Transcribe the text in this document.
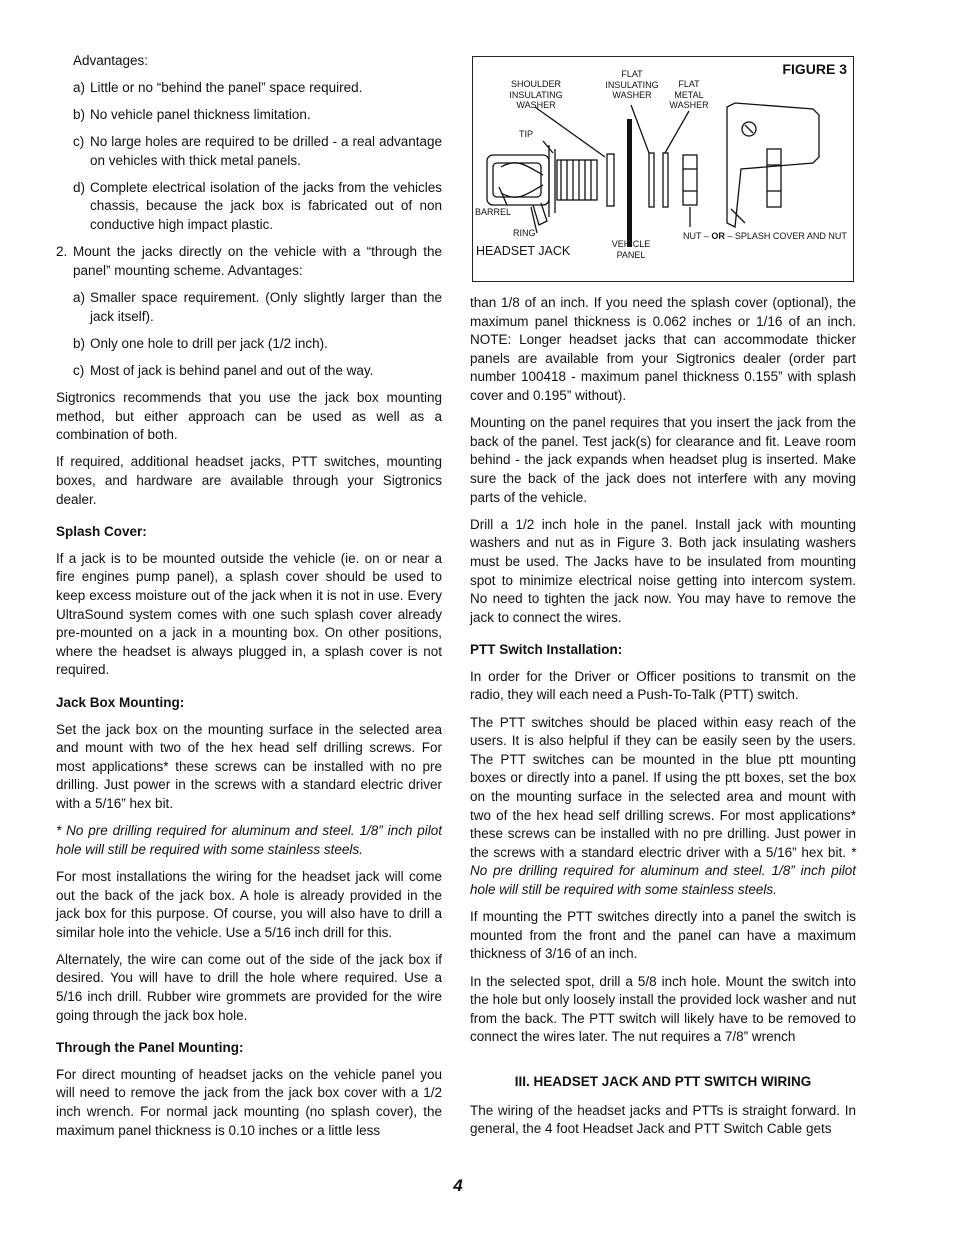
Advantages:

a) Little or no “behind the panel” space required.
b) No vehicle panel thickness limitation.
c) No large holes are required to be drilled - a real advantage on vehicles with thick metal panels.
d) Complete electrical isolation of the jacks from the vehicles chassis, because the jack box is fabricated out of non conductive high impact plastic.
2. Mount the jacks directly on the vehicle with a “through the panel” mounting scheme. Advantages:
a) Smaller space requirement. (Only slightly larger than the jack itself).
b) Only one hole to drill per jack (1/2 inch).
c) Most of jack is behind panel and out of the way.

Sigtronics recommends that you use the jack box mounting method, but either approach can be used as well as a combination of both.

If required, additional headset jacks, PTT switches, mounting boxes, and hardware are available through your Sigtronics dealer.

Splash Cover:

If a jack is to be mounted outside the vehicle (ie. on or near a fire engines pump panel), a splash cover should be used to keep excess moisture out of the jack when it is not in use. Every UltraSound system comes with one such splash cover already pre-mounted on a jack in a mounting box. On other positions, where the headset is always plugged in, a splash cover is not required.

Jack Box Mounting:

Set the jack box on the mounting surface in the selected area and mount with two of the hex head self drilling screws. For most applications* these screws can be installed with no pre drilling. Just power in the screws with a standard electric driver with a 5/16” hex bit.

* No pre drilling required for aluminum and steel. 1/8” inch pilot hole will still be required with some stainless steels.

For most installations the wiring for the headset jack will come out the back of the jack box. A hole is already provided in the jack box for this purpose. Of course, you will also have to drill a similar hole into the vehicle. Use a 5/16 inch drill for this.

Alternately, the wire can come out of the side of the jack box if desired. You will have to drill the hole where required. Use a 5/16 inch drill. Rubber wire grommets are provided for the wire going through the jack box hole.

Through the Panel Mounting:

For direct mounting of headset jacks on the vehicle panel you will need to remove the jack from the jack box cover with a 1/2 inch wrench. For normal jack mounting (no splash cover), the maximum panel thickness is 0.10 inches or a little less

FIGURE 3
SHOULDER INSULATING WASHER
FLAT INSULATING WASHER
FLAT METAL WASHER
TIP
BARREL
RING
HEADSET JACK	VEHICLE PANEL
NUT – OR – SPLASH COVER AND NUT

than 1/8 of an inch. If you need the splash cover (optional), the maximum panel thickness is 0.062 inches or 1/16 of an inch. NOTE: Longer headset jacks that can accommodate thicker panels are available from your Sigtronics dealer (order part number 100418 - maximum panel thickness 0.155” with splash cover and 0.195” without).

Mounting on the panel requires that you insert the jack from the back of the panel. Test jack(s) for clearance and fit. Leave room behind - the jack expands when headset plug is inserted. Make sure the back of the jack does not interfere with any moving parts of the vehicle.

Drill a 1/2 inch hole in the panel. Install jack with mounting washers and nut as in Figure 3. Both jack insulating washers must be used. The Jacks have to be insulated from mounting spot to minimize electrical noise getting into intercom system. No need to tighten the jack now. You may have to remove the jack to connect the wires.

PTT Switch Installation:

In order for the Driver or Officer positions to transmit on the radio, they will each need a Push-To-Talk (PTT) switch.

The PTT switches should be placed within easy reach of the users. It is also helpful if they can be easily seen by the users. The PTT switches can be mounted in the blue ptt mounting boxes or directly into a panel. If using the ptt boxes, set the box on the mounting surface in the selected area and mount with two of the hex head self drilling screws. For most applications* these screws can be installed with no pre drilling. Just power in the screws with a standard electric driver with a 5/16” hex bit. * No pre drilling required for aluminum and steel. 1/8” inch pilot hole will still be required with some stainless steels.

If mounting the PTT switches directly into a panel the switch is mounted from the front and the panel can have a maximum thickness of 3/16 of an inch.

In the selected spot, drill a 5/8 inch hole. Mount the switch into the hole but only loosely install the provided lock washer and nut from the back. The PTT switch will likely have to be removed to connect the wires later. The nut requires a 7/8” wrench

III. HEADSET JACK AND PTT SWITCH WIRING

The wiring of the headset jacks and PTTs is straight forward. In general, the 4 foot Headset Jack and PTT Switch Cable gets

4
